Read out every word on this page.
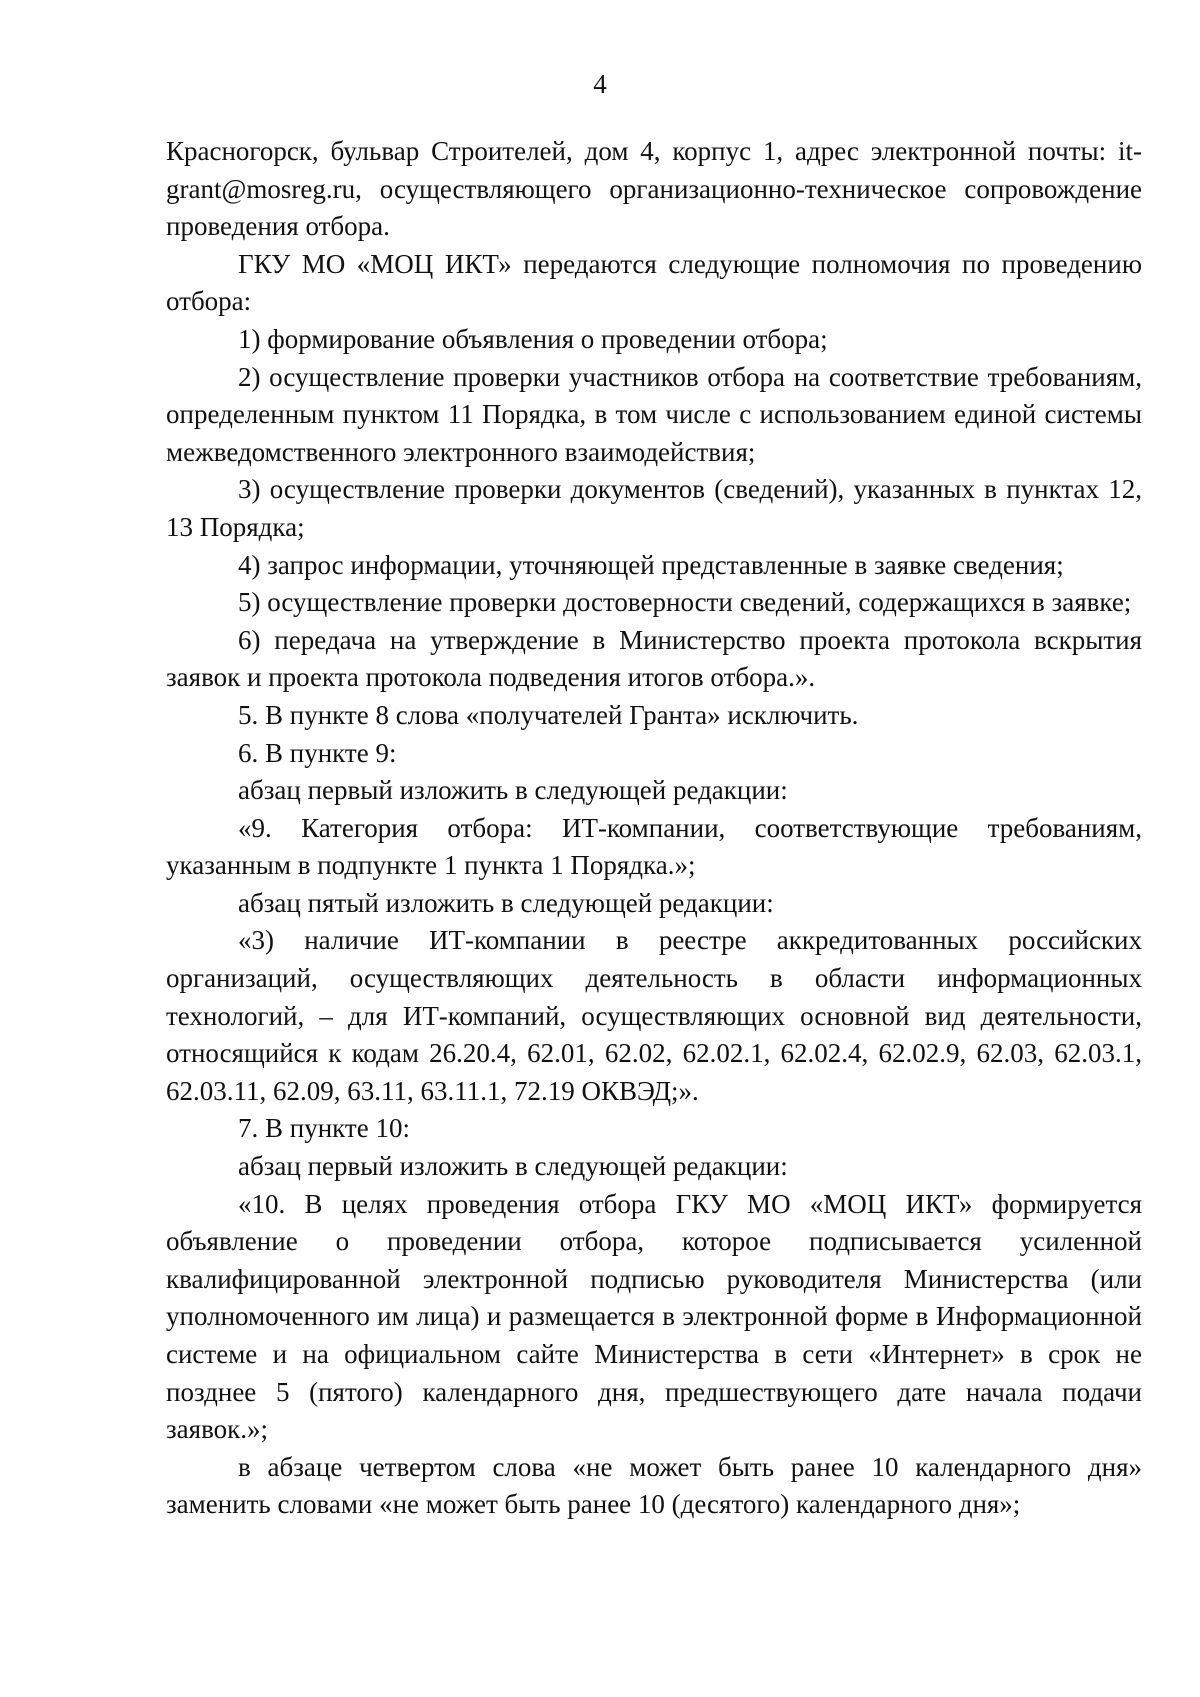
4

Красногорск, бульвар Строителей, дом 4, корпус 1, адрес электронной почты: it-grant@mosreg.ru, осуществляющего организационно-техническое сопровождение проведения отбора.

ГКУ МО «МОЦ ИКТ» передаются следующие полномочия по проведению отбора:

1) формирование объявления о проведении отбора;

2) осуществление проверки участников отбора на соответствие требованиям, определенным пунктом 11 Порядка, в том числе с использованием единой системы межведомственного электронного взаимодействия;

3) осуществление проверки документов (сведений), указанных в пунктах 12, 13 Порядка;

4) запрос информации, уточняющей представленные в заявке сведения;

5) осуществление проверки достоверности сведений, содержащихся в заявке;

6) передача на утверждение в Министерство проекта протокола вскрытия заявок и проекта протокола подведения итогов отбора.».

5. В пункте 8 слова «получателей Гранта» исключить.

6. В пункте 9:

абзац первый изложить в следующей редакции:

«9. Категория отбора: ИТ-компании, соответствующие требованиям, указанным в подпункте 1 пункта 1 Порядка.»;

абзац пятый изложить в следующей редакции:

«3) наличие ИТ-компании в реестре аккредитованных российских организаций, осуществляющих деятельность в области информационных технологий, – для ИТ-компаний, осуществляющих основной вид деятельности, относящийся к кодам 26.20.4, 62.01, 62.02, 62.02.1, 62.02.4, 62.02.9, 62.03, 62.03.1, 62.03.11, 62.09, 63.11, 63.11.1, 72.19 ОКВЭД;».

7. В пункте 10:

абзац первый изложить в следующей редакции:

«10. В целях проведения отбора ГКУ МО «МОЦ ИКТ» формируется объявление о проведении отбора, которое подписывается усиленной квалифицированной электронной подписью руководителя Министерства (или уполномоченного им лица) и размещается в электронной форме в Информационной системе и на официальном сайте Министерства в сети «Интернет» в срок не позднее 5 (пятого) календарного дня, предшествующего дате начала подачи заявок.»;

в абзаце четвертом слова «не может быть ранее 10 календарного дня» заменить словами «не может быть ранее 10 (десятого) календарного дня»;
